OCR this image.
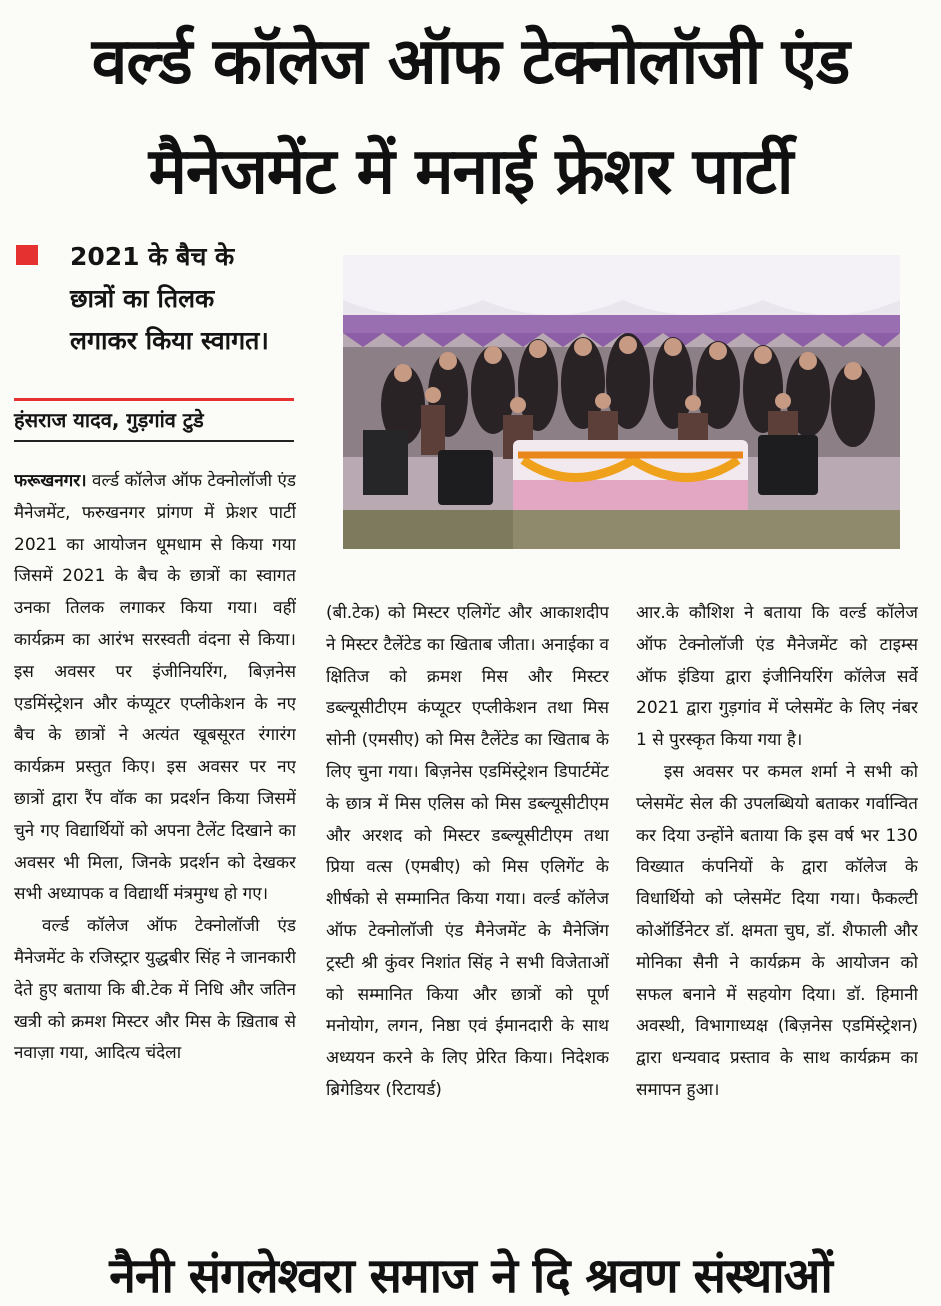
वर्ल्ड कॉलेज ऑफ टेक्नोलॉजी एंड
मैनेजमेंट में मनाई फ्रेशर पार्टी
2021 के बैच के छात्रों का तिलक लगाकर किया स्वागत।
हंसराज यादव, गुड़गांव टुडे

फरूखनगर। वर्ल्ड कॉलेज ऑफ टेक्नोलॉजी एंड मैनेजमेंट, फरुखनगर प्रांगण में फ्रेशर पार्टी 2021 का आयोजन धूमधाम से किया गया जिसमें 2021 के बैच के छात्रों का स्वागत उनका तिलक लगाकर किया गया। वहीं कार्यक्रम का आरंभ सरस्वती वंदना से किया। इस अवसर पर इंजीनियरिंग, बिज़नेस एडमिंस्ट्रेशन और कंप्यूटर एप्लीकेशन के नए बैच के छात्रों ने अत्यंत खूबसूरत रंगारंग कार्यक्रम प्रस्तुत किए। इस अवसर पर नए छात्रों द्वारा रैंप वॉक का प्रदर्शन किया जिसमें चुने गए विद्यार्थियों को अपना टैलेंट दिखाने का अवसर भी मिला, जिनके प्रदर्शन को देखकर सभी अध्यापक व विद्यार्थी मंत्रमुग्ध हो गए।

वर्ल्ड कॉलेज ऑफ टेक्नोलॉजी एंड मैनेजमेंट के रजिस्ट्रार युद्धबीर सिंह ने जानकारी देते हुए बताया कि बी.टेक में निधि और जतिन खत्री को क्रमश मिस्टर और मिस के ख़िताब से नवाज़ा गया, आदित्य चंदेला

(बी.टेक) को मिस्टर एलिगेंट और आकाशदीप ने मिस्टर टैलेंटेड का खिताब जीता। अनाईका व क्षितिज को क्रमश मिस और मिस्टर डब्ल्यूसीटीएम कंप्यूटर एप्लीकेशन तथा मिस सोनी (एमसीए) को मिस टैलेंटेड का खिताब के लिए चुना गया। बिज़नेस एडमिंस्ट्रेशन डिपार्टमेंट के छात्र में मिस एलिस को मिस डब्ल्यूसीटीएम और अरशद को मिस्टर डब्ल्यूसीटीएम तथा प्रिया वत्स (एमबीए) को मिस एलिगेंट के शीर्षको से सम्मानित किया गया। वर्ल्ड कॉलेज ऑफ टेक्नोलॉजी एंड मैनेजमेंट के मैनेजिंग ट्रस्टी श्री कुंवर निशांत सिंह ने सभी विजेताओं को सम्मानित किया और छात्रों को पूर्ण मनोयोग, लगन, निष्ठा एवं ईमानदारी के साथ अध्ययन करने के लिए प्रेरित किया। निदेशक ब्रिगेडियर (रिटायर्ड)

आर.के कौशिश ने बताया कि वर्ल्ड कॉलेज ऑफ टेक्नोलॉजी एंड मैनेजमेंट को टाइम्स ऑफ इंडिया द्वारा इंजीनियरिंग कॉलेज सर्वे 2021 द्वारा गुड़गांव में प्लेसमेंट के लिए नंबर 1 से पुरस्कृत किया गया है।

इस अवसर पर कमल शर्मा ने सभी को प्लेसमेंट सेल की उपलब्धियो बताकर गर्वान्वित कर दिया उन्होंने बताया कि इस वर्ष भर 130 विख्यात कंपनियों के द्वारा कॉलेज के विधार्थियो को प्लेसमेंट दिया गया। फैकल्टी कोऑर्डिनेटर डॉ. क्षमता चुघ, डॉ. शैफाली और मोनिका सैनी ने कार्यक्रम के आयोजन को सफल बनाने में सहयोग दिया। डॉ. हिमानी अवस्थी, विभागाध्यक्ष (बिज़नेस एडमिंस्ट्रेशन) द्वारा धन्यवाद प्रस्ताव के साथ कार्यक्रम का समापन हुआ।

नैनी संगलेश्वरा समाज ने दि श्रवण संस्थाओं
